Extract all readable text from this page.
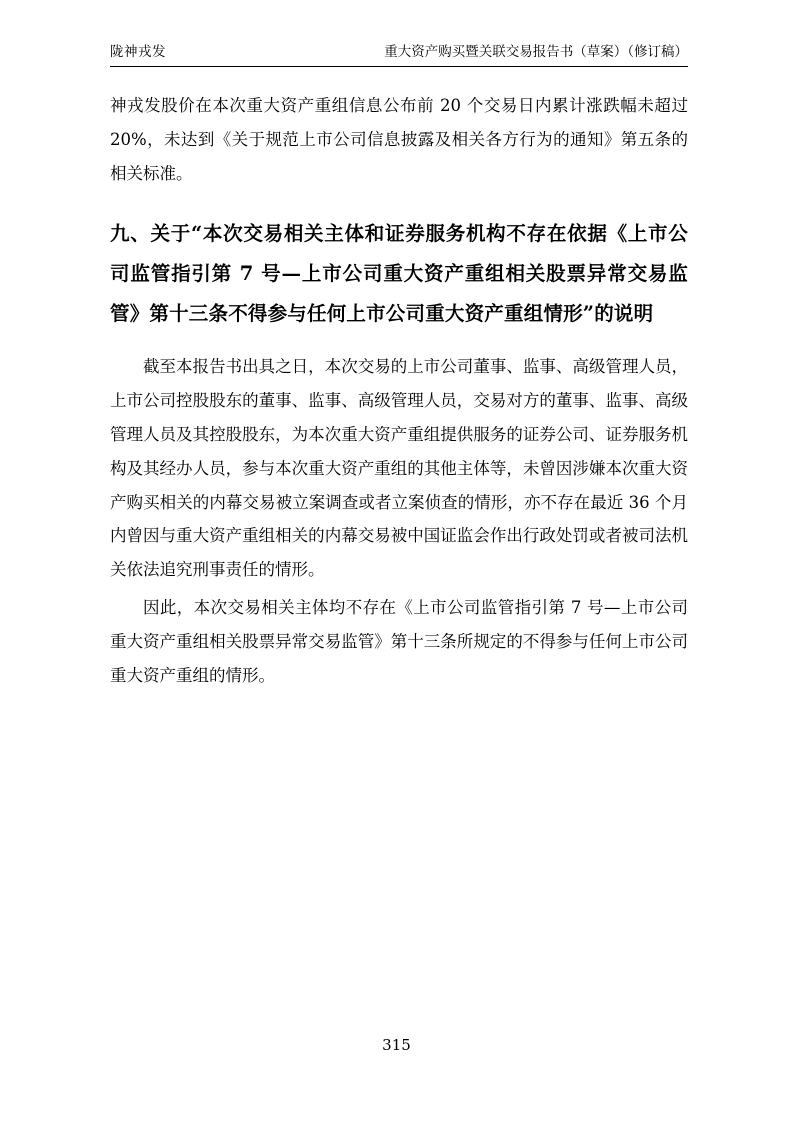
陇神戎发	重大资产购买暨关联交易报告书（草案）（修订稿）

神戎发股价在本次重大资产重组信息公布前 20 个交易日内累计涨跌幅未超过 20%，未达到《关于规范上市公司信息披露及相关各方行为的通知》第五条的相关标准。

九、关于“本次交易相关主体和证券服务机构不存在依据《上市公司监管指引第 7 号—上市公司重大资产重组相关股票异常交易监管》第十三条不得参与任何上市公司重大资产重组情形”的说明

截至本报告书出具之日，本次交易的上市公司董事、监事、高级管理人员，上市公司控股股东的董事、监事、高级管理人员，交易对方的董事、监事、高级管理人员及其控股股东，为本次重大资产重组提供服务的证券公司、证券服务机构及其经办人员，参与本次重大资产重组的其他主体等，未曾因涉嫌本次重大资产购买相关的内幕交易被立案调查或者立案侦查的情形，亦不存在最近 36 个月内曾因与重大资产重组相关的内幕交易被中国证监会作出行政处罚或者被司法机关依法追究刑事责任的情形。

因此，本次交易相关主体均不存在《上市公司监管指引第 7 号—上市公司重大资产重组相关股票异常交易监管》第十三条所规定的不得参与任何上市公司重大资产重组的情形。

315
